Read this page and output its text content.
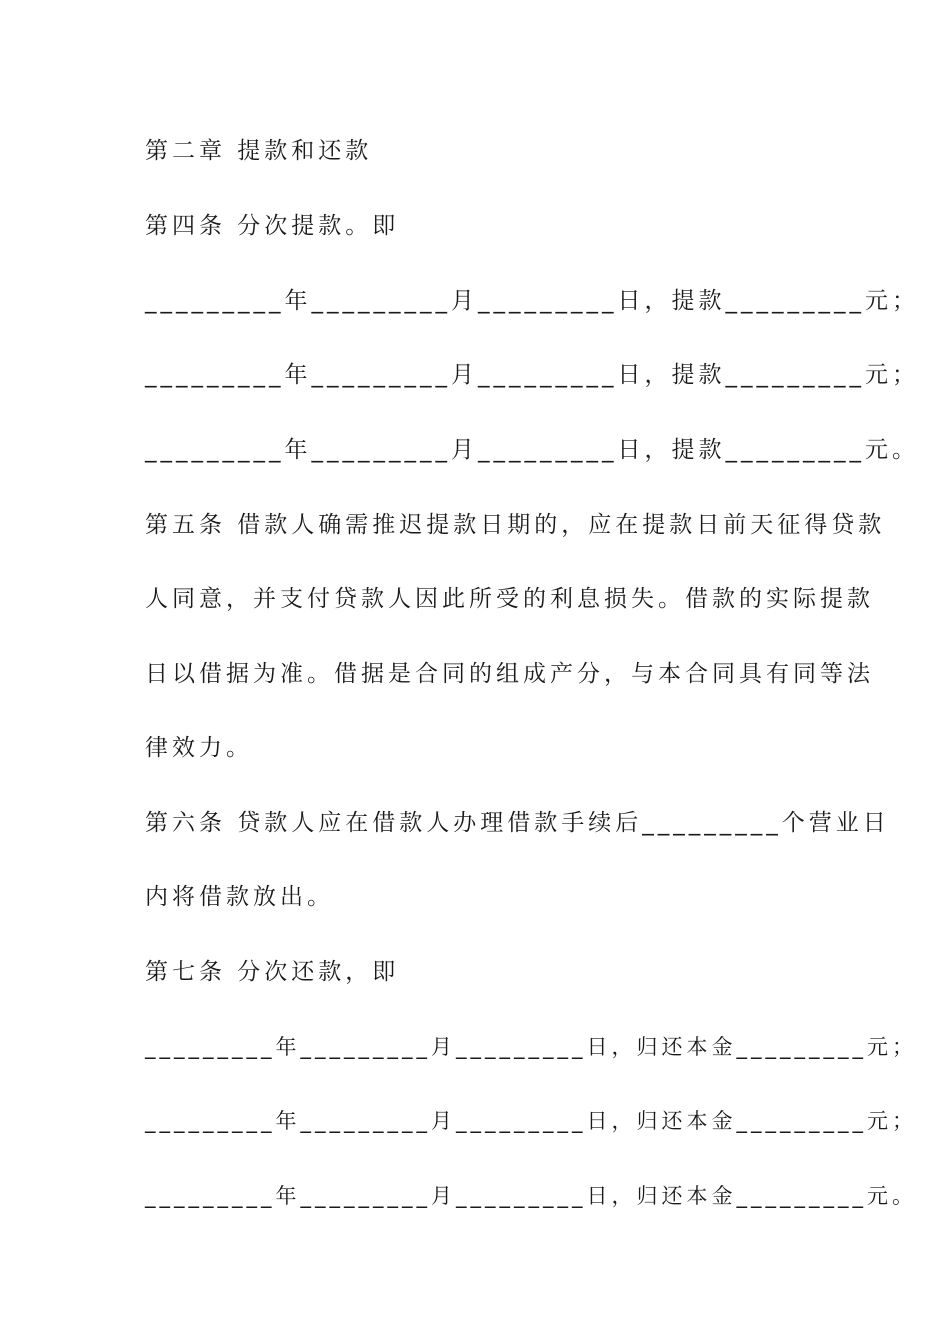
第二章 提款和还款
第四条 分次提款。即
_________年_________月_________日，提款_________元；
_________年_________月_________日，提款_________元；
_________年_________月_________日，提款_________元。
第五条 借款人确需推迟提款日期的，应在提款日前天征得贷款
人同意，并支付贷款人因此所受的利息损失。借款的实际提款
日以借据为准。借据是合同的组成产分，与本合同具有同等法
律效力。
第六条 贷款人应在借款人办理借款手续后_________个营业日
内将借款放出。
第七条 分次还款，即
_________年_________月_________日，归还本金_________元；
_________年_________月_________日，归还本金_________元；
_________年_________月_________日，归还本金_________元。
